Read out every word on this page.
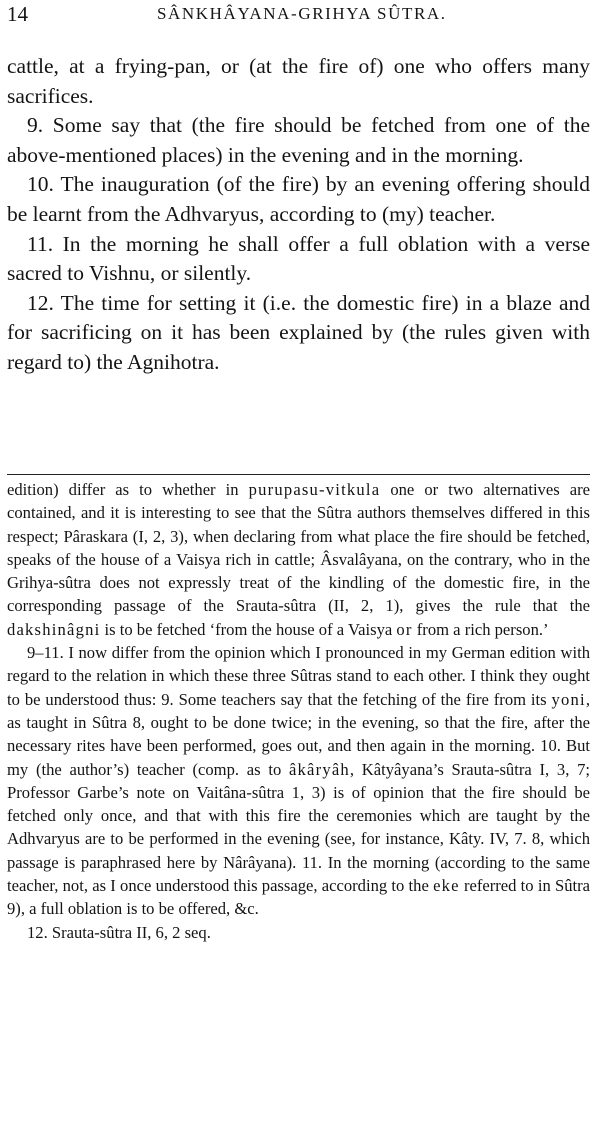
14	SÂNKHÂYANA-GRIHYA SÛTRA.

cattle, at a frying-pan, or (at the fire of) one who offers many sacrifices.

9. Some say that (the fire should be fetched from one of the above-mentioned places) in the evening and in the morning.

10. The inauguration (of the fire) by an evening offering should be learnt from the Adhvaryus, according to (my) teacher.

11. In the morning he shall offer a full oblation with a verse sacred to Vishnu, or silently.

12. The time for setting it (i.e. the domestic fire) in a blaze and for sacrificing on it has been explained by (the rules given with regard to) the Agnihotra.

edition) differ as to whether in purupasu-vitkula one or two alternatives are contained, and it is interesting to see that the Sûtra authors themselves differed in this respect; Pâraskara (I, 2, 3), when declaring from what place the fire should be fetched, speaks of the house of a Vaisya rich in cattle; Âsvalâyana, on the contrary, who in the Grihya-sûtra does not expressly treat of the kindling of the domestic fire, in the corresponding passage of the Srauta-sûtra (II, 2, 1), gives the rule that the dakshinâgni is to be fetched ‘from the house of a Vaisya or from a rich person.’

9–11. I now differ from the opinion which I pronounced in my German edition with regard to the relation in which these three Sûtras stand to each other. I think they ought to be understood thus: 9. Some teachers say that the fetching of the fire from its yoni, as taught in Sûtra 8, ought to be done twice; in the evening, so that the fire, after the necessary rites have been performed, goes out, and then again in the morning. 10. But my (the author’s) teacher (comp. as to âkâryâh, Kâtyâyana’s Srauta-sûtra I, 3, 7; Professor Garbe’s note on Vaitâna-sûtra 1, 3) is of opinion that the fire should be fetched only once, and that with this fire the ceremonies which are taught by the Adhvaryus are to be performed in the evening (see, for instance, Kâty. IV, 7. 8, which passage is paraphrased here by Nârâyana). 11. In the morning (according to the same teacher, not, as I once understood this passage, according to the eke referred to in Sûtra 9), a full oblation is to be offered, &c.

12. Srauta-sûtra II, 6, 2 seq.
